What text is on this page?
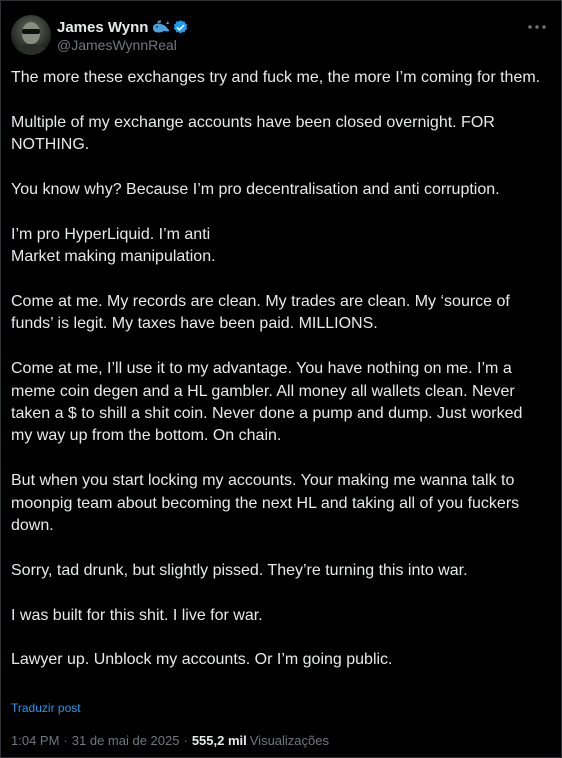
James Wynn
@JamesWynnReal

The more these exchanges try and fuck me, the more I’m coming for them.

Multiple of my exchange accounts have been closed overnight. FOR NOTHING.

You know why? Because I’m pro decentralisation and anti corruption.

I’m pro HyperLiquid. I’m anti
Market making manipulation.

Come at me. My records are clean. My trades are clean. My ‘source of funds’ is legit. My taxes have been paid. MILLIONS.

Come at me, I’ll use it to my advantage. You have nothing on me. I’m a meme coin degen and a HL gambler. All money all wallets clean. Never taken a $ to shill a shit coin. Never done a pump and dump. Just worked my way up from the bottom. On chain.

But when you start locking my accounts. Your making me wanna talk to moonpig team about becoming the next HL and taking all of you fuckers down.

Sorry, tad drunk, but slightly pissed. They’re turning this into war.

I was built for this shit. I live for war.

Lawyer up. Unblock my accounts. Or I’m going public.

Traduzir post
1:04 PM · 31 de mai de 2025 · 555,2 mil Visualizações
